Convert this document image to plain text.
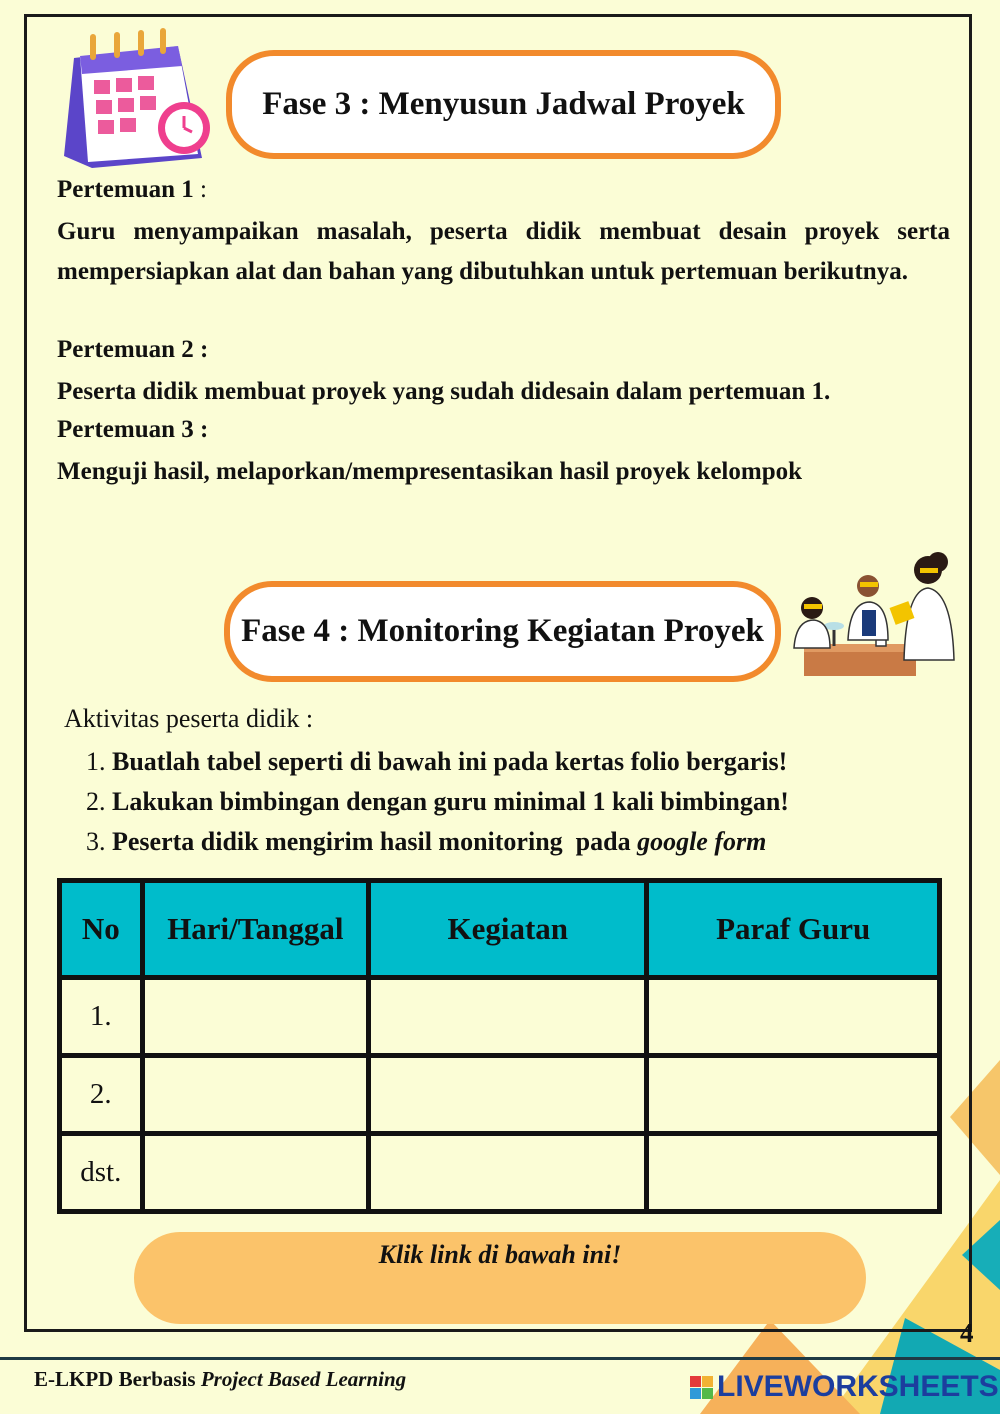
Fase 3 : Menyusun Jadwal Proyek
Pertemuan 1 :
Guru menyampaikan masalah, peserta didik membuat desain proyek serta mempersiapkan alat dan bahan yang dibutuhkan untuk pertemuan berikutnya.
Pertemuan 2 :
Peserta didik membuat proyek yang sudah didesain dalam pertemuan 1.
Pertemuan 3 :
Menguji hasil, melaporkan/mempresentasikan hasil proyek kelompok
Fase 4 : Monitoring Kegiatan Proyek
Aktivitas peserta didik :
1. Buatlah tabel seperti di bawah ini pada kertas folio bergaris!
2. Lakukan bimbingan dengan guru minimal 1 kali bimbingan!
3. Peserta didik mengirim hasil monitoring  pada google form
No	Hari/Tanggal	Kegiatan	Paraf Guru
1.			
2.			
dst.			
Klik link di bawah ini!
4
E-LKPD Berbasis Project Based Learning	LIVEWORKSHEETS
